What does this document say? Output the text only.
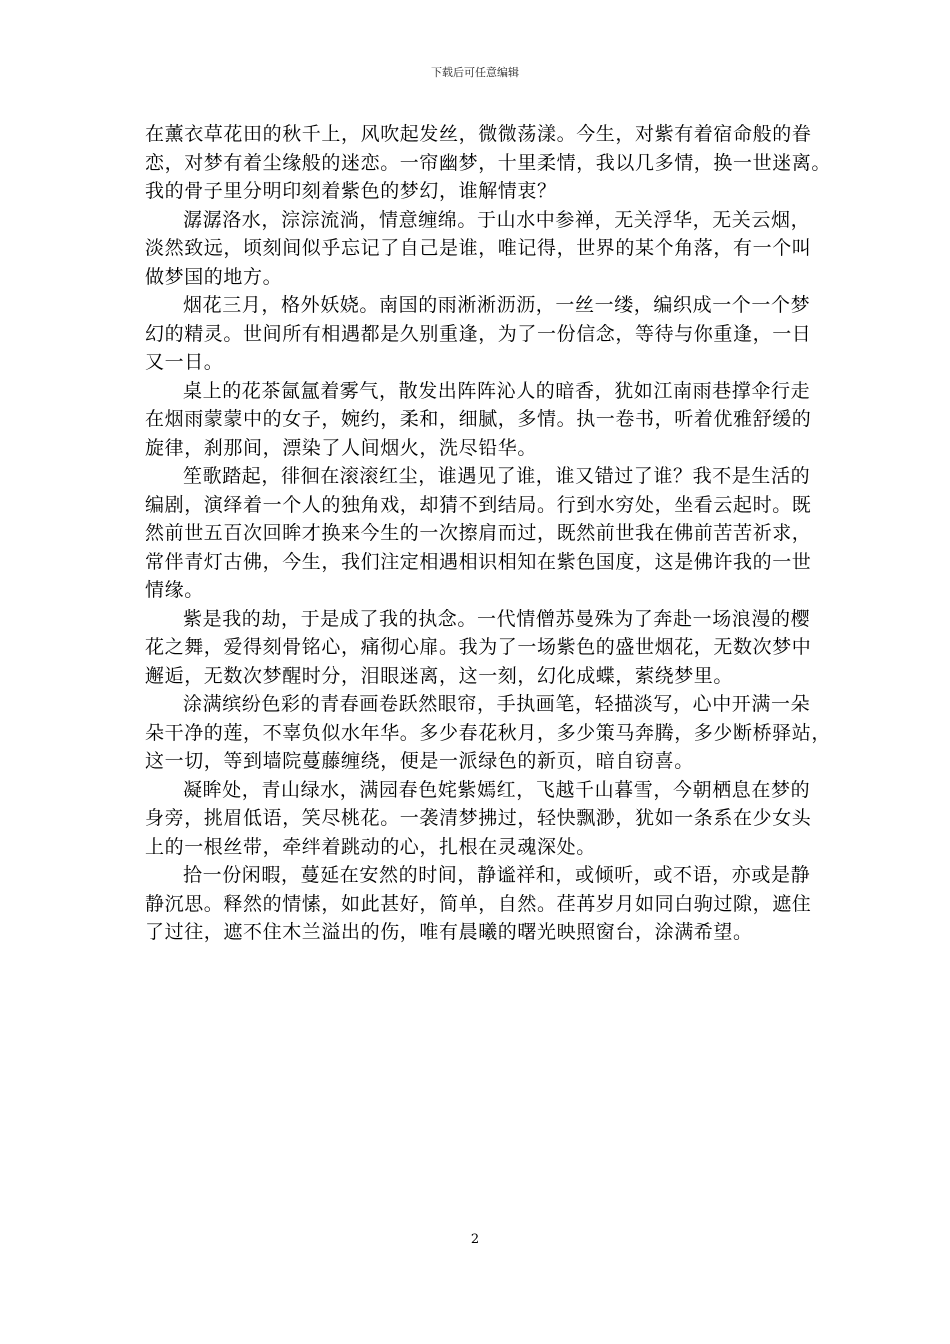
下载后可任意编辑

在薰衣草花田的秋千上，风吹起发丝，微微荡漾。今生，对紫有着宿命般的眷
恋，对梦有着尘缘般的迷恋。一帘幽梦，十里柔情，我以几多情，换一世迷离。
我的骨子里分明印刻着紫色的梦幻，谁解情衷？

潺潺洛水，淙淙流淌，情意缠绵。于山水中参禅，无关浮华，无关云烟，
淡然致远，顷刻间似乎忘记了自己是谁，唯记得，世界的某个角落，有一个叫
做梦国的地方。

烟花三月，格外妖娆。南国的雨淅淅沥沥，一丝一缕，编织成一个一个梦
幻的精灵。世间所有相遇都是久别重逢，为了一份信念，等待与你重逢，一日
又一日。

桌上的花茶氤氲着雾气，散发出阵阵沁人的暗香，犹如江南雨巷撑伞行走
在烟雨蒙蒙中的女子，婉约，柔和，细腻，多情。执一卷书，听着优雅舒缓的
旋律，刹那间，漂染了人间烟火，洗尽铅华。

笙歌踏起，徘徊在滚滚红尘，谁遇见了谁，谁又错过了谁？我不是生活的
编剧，演绎着一个人的独角戏，却猜不到结局。行到水穷处，坐看云起时。既
然前世五百次回眸才换来今生的一次擦肩而过，既然前世我在佛前苦苦祈求，
常伴青灯古佛，今生，我们注定相遇相识相知在紫色国度，这是佛许我的一世
情缘。

紫是我的劫，于是成了我的执念。一代情僧苏曼殊为了奔赴一场浪漫的樱
花之舞，爱得刻骨铭心，痛彻心扉。我为了一场紫色的盛世烟花，无数次梦中
邂逅，无数次梦醒时分，泪眼迷离，这一刻，幻化成蝶，萦绕梦里。

涂满缤纷色彩的青春画卷跃然眼帘，手执画笔，轻描淡写，心中开满一朵
朵干净的莲，不辜负似水年华。多少春花秋月，多少策马奔腾，多少断桥驿站，
这一切，等到墙院蔓藤缠绕，便是一派绿色的新页，暗自窃喜。

凝眸处，青山绿水，满园春色姹紫嫣红，飞越千山暮雪，今朝栖息在梦的
身旁，挑眉低语，笑尽桃花。一袭清梦拂过，轻快飘渺，犹如一条系在少女头
上的一根丝带，牵绊着跳动的心，扎根在灵魂深处。

拾一份闲暇，蔓延在安然的时间，静谧祥和，或倾听，或不语，亦或是静
静沉思。释然的情愫，如此甚好，简单，自然。荏苒岁月如同白驹过隙，遮住
了过往，遮不住木兰溢出的伤，唯有晨曦的曙光映照窗台，涂满希望。

2
